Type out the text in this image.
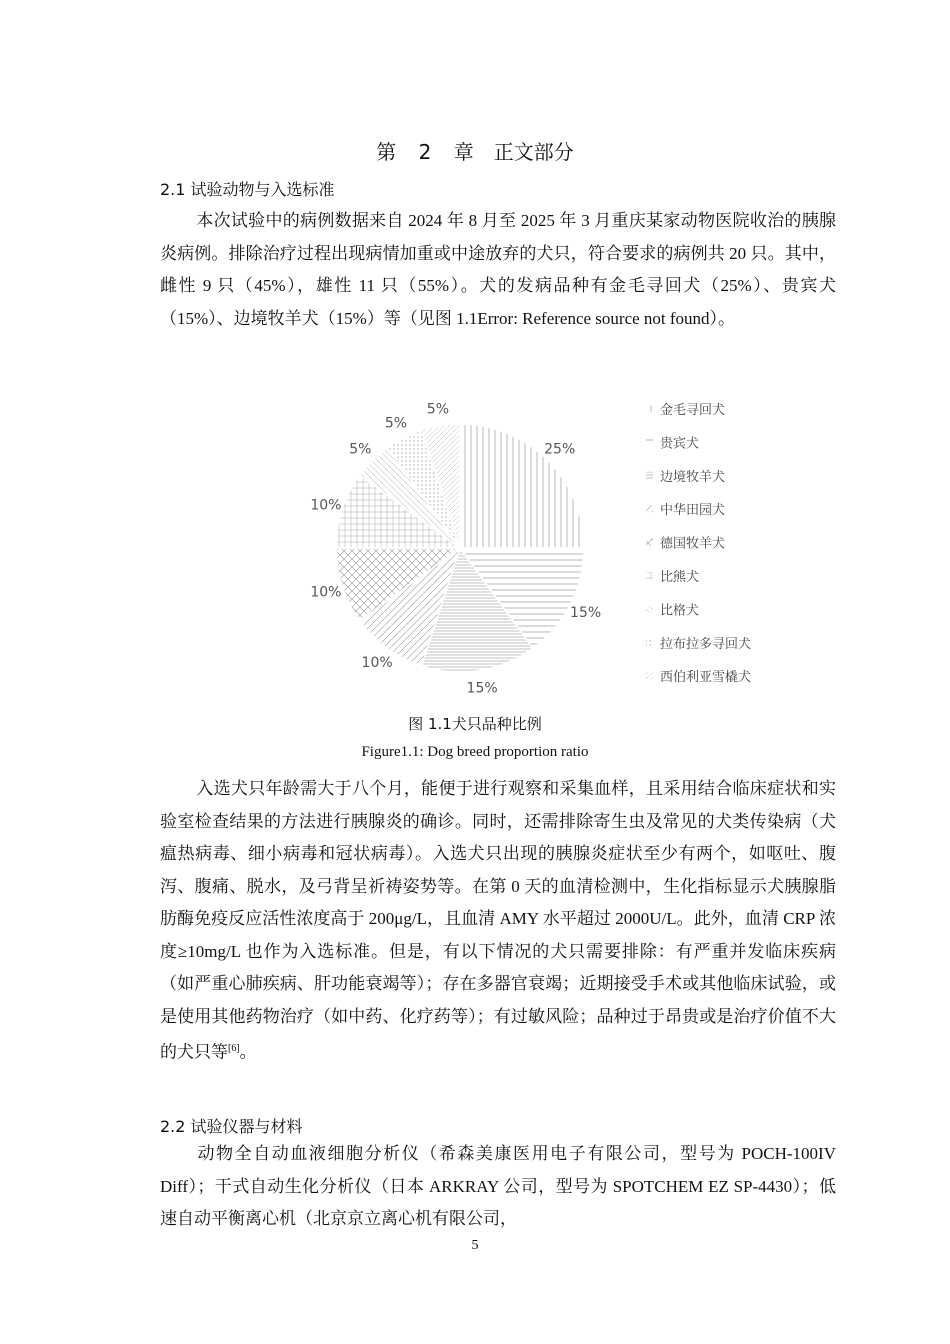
第 2 章　正文部分
2.1 试验动物与入选标准

本次试验中的病例数据来自 2024 年 8 月至 2025 年 3 月重庆某家动物医院收治的胰腺炎病例。排除治疗过程出现病情加重或中途放弃的犬只，符合要求的病例共 20 只。其中，雌性 9 只（45%），雄性 11 只（55%）。犬的发病品种有金毛寻回犬（25%）、贵宾犬（15%）、边境牧羊犬（15%）等（见图 1.1Error: Reference source not found）。

25%
15%
15%
10%
10%
10%
5%
5%
5%	金毛寻回犬
贵宾犬
边境牧羊犬
中华田园犬
德国牧羊犬
比熊犬
比格犬
拉布拉多寻回犬
西伯利亚雪橇犬
图 1.1犬只品种比例
Figure1.1: Dog breed proportion ratio

入选犬只年龄需大于八个月，能便于进行观察和采集血样，且采用结合临床症状和实验室检查结果的方法进行胰腺炎的确诊。同时，还需排除寄生虫及常见的犬类传染病（犬瘟热病毒、细小病毒和冠状病毒）。入选犬只出现的胰腺炎症状至少有两个，如呕吐、腹泻、腹痛、脱水，及弓背呈祈祷姿势等。在第 0 天的血清检测中，生化指标显示犬胰腺脂肪酶免疫反应活性浓度高于 200μg/L，且血清 AMY 水平超过 2000U/L。此外，血清 CRP 浓度≥10mg/L 也作为入选标准。但是，有以下情况的犬只需要排除：有严重并发临床疾病（如严重心肺疾病、肝功能衰竭等）；存在多器官衰竭；近期接受手术或其他临床试验，或是使用其他药物治疗（如中药、化疗药等）；有过敏风险；品种过于昂贵或是治疗价值不大的犬只等[6]。

2.2 试验仪器与材料

动物全自动血液细胞分析仪（希森美康医用电子有限公司，型号为 POCH-100IV Diff）；干式自动生化分析仪（日本 ARKRAY 公司，型号为 SPOTCHEM EZ SP-4430）；低速自动平衡离心机（北京京立离心机有限公司，

5
